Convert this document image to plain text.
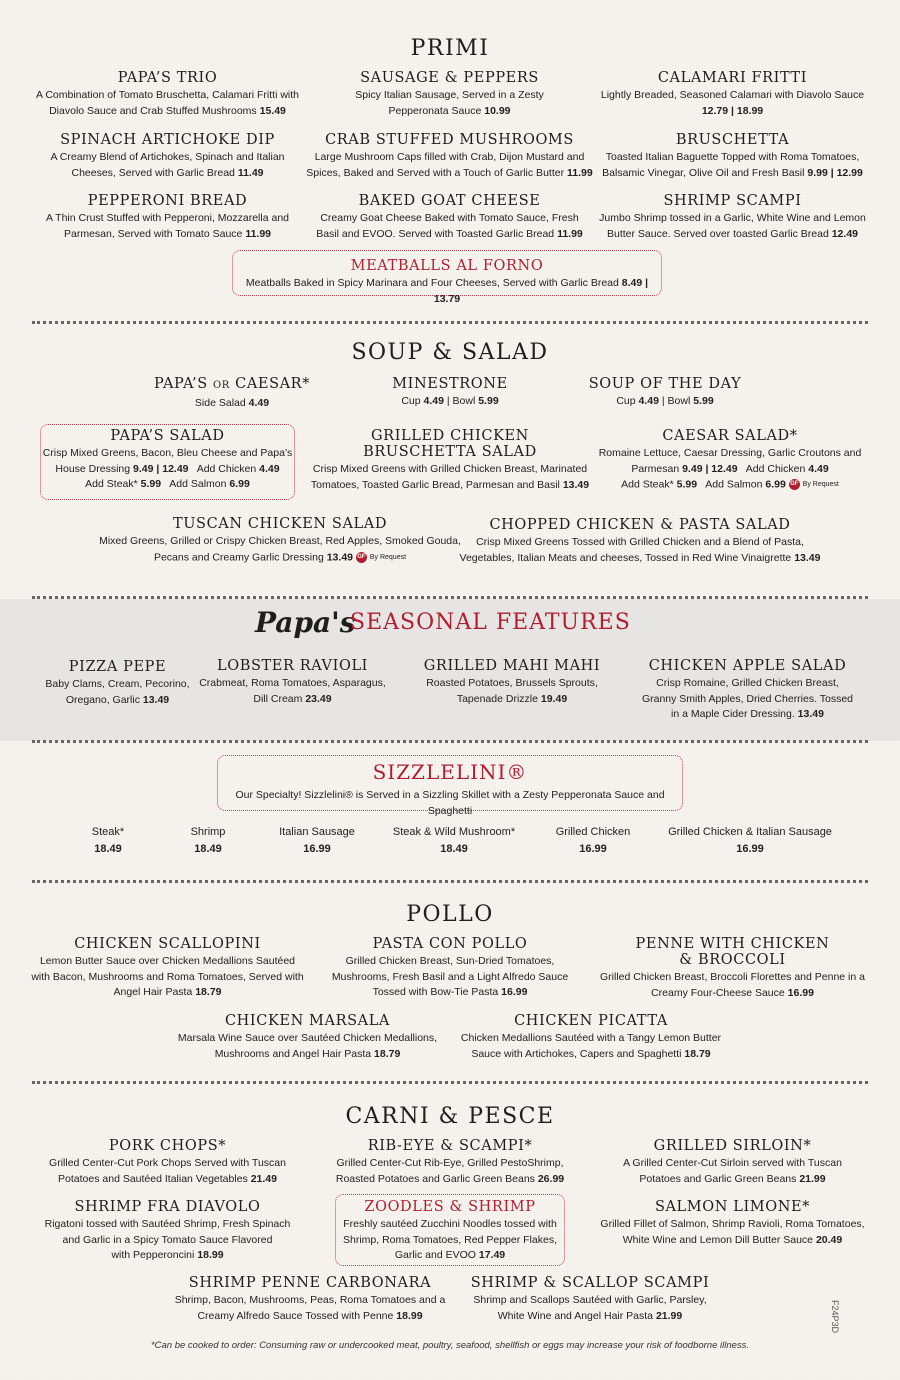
PRIMI
PAPA’S TRIO
A Combination of Tomato Bruschetta, Calamari Fritti with
Diavolo Sauce and Crab Stuffed Mushrooms 15.49
SAUSAGE & PEPPERS
Spicy Italian Sausage, Served in a Zesty
Pepperonata Sauce 10.99
CALAMARI FRITTI
Lightly Breaded, Seasoned Calamari with Diavolo Sauce
12.79 | 18.99
SPINACH ARTICHOKE DIP
A Creamy Blend of Artichokes, Spinach and Italian
Cheeses, Served with Garlic Bread 11.49
CRAB STUFFED MUSHROOMS
Large Mushroom Caps filled with Crab, Dijon Mustard and
Spices, Baked and Served with a Touch of Garlic Butter 11.99
BRUSCHETTA
Toasted Italian Baguette Topped with Roma Tomatoes,
Balsamic Vinegar, Olive Oil and Fresh Basil 9.99 | 12.99
PEPPERONI BREAD
A Thin Crust Stuffed with Pepperoni, Mozzarella and
Parmesan, Served with Tomato Sauce 11.99
BAKED GOAT CHEESE
Creamy Goat Cheese Baked with Tomato Sauce, Fresh
Basil and EVOO. Served with Toasted Garlic Bread 11.99
SHRIMP SCAMPI
Jumbo Shrimp tossed in a Garlic, White Wine and Lemon
Butter Sauce. Served over toasted Garlic Bread 12.49
MEATBALLS AL FORNO
Meatballs Baked in Spicy Marinara and Four Cheeses, Served with Garlic Bread 8.49 | 13.79
SOUP & SALAD
PAPA’S OR CAESAR*
Side Salad 4.49
MINESTRONE
Cup 4.49 | Bowl 5.99
SOUP OF THE DAY
Cup 4.49 | Bowl 5.99
PAPA’S SALAD
Crisp Mixed Greens, Bacon, Bleu Cheese and Papa’s
House Dressing 9.49 | 12.49 Add Chicken 4.49
Add Steak* 5.99 Add Salmon 6.99
GRILLED CHICKEN
BRUSCHETTA SALAD
Crisp Mixed Greens with Grilled Chicken Breast, Marinated
Tomatoes, Toasted Garlic Bread, Parmesan and Basil 13.49
CAESAR SALAD*
Romaine Lettuce, Caesar Dressing, Garlic Croutons and
Parmesan 9.49 | 12.49 Add Chicken 4.49
Add Steak* 5.99 Add Salmon 6.99 GF By Request
TUSCAN CHICKEN SALAD
Mixed Greens, Grilled or Crispy Chicken Breast, Red Apples, Smoked Gouda,
Pecans and Creamy Garlic Dressing 13.49 GF By Request
CHOPPED CHICKEN & PASTA SALAD
Crisp Mixed Greens Tossed with Grilled Chicken and a Blend of Pasta,
Vegetables, Italian Meats and cheeses, Tossed in Red Wine Vinaigrette 13.49
Papa's
SEASONAL FEATURES
PIZZA PEPE
Baby Clams, Cream, Pecorino,
Oregano, Garlic 13.49
LOBSTER RAVIOLI
Crabmeat, Roma Tomatoes, Asparagus,
Dill Cream 23.49
GRILLED MAHI MAHI
Roasted Potatoes, Brussels Sprouts,
Tapenade Drizzle 19.49
CHICKEN APPLE SALAD
Crisp Romaine, Grilled Chicken Breast,
Granny Smith Apples, Dried Cherries. Tossed
in a Maple Cider Dressing. 13.49
SIZZLELINI®
Our Specialty! Sizzlelini® is Served in a Sizzling Skillet with a Zesty Pepperonata Sauce and Spaghetti
Steak*
18.49
Shrimp
18.49
Italian Sausage
16.99
Steak & Wild Mushroom*
18.49
Grilled Chicken
16.99
Grilled Chicken & Italian Sausage
16.99
POLLO
CHICKEN SCALLOPINI
Lemon Butter Sauce over Chicken Medallions Sautéed
with Bacon, Mushrooms and Roma Tomatoes, Served with
Angel Hair Pasta 18.79
PASTA CON POLLO
Grilled Chicken Breast, Sun-Dried Tomatoes,
Mushrooms, Fresh Basil and a Light Alfredo Sauce
Tossed with Bow-Tie Pasta 16.99
PENNE WITH CHICKEN
& BROCCOLI
Grilled Chicken Breast, Broccoli Florettes and Penne in a
Creamy Four-Cheese Sauce 16.99
CHICKEN MARSALA
Marsala Wine Sauce over Sautéed Chicken Medallions,
Mushrooms and Angel Hair Pasta 18.79
CHICKEN PICATTA
Chicken Medallions Sautéed with a Tangy Lemon Butter
Sauce with Artichokes, Capers and Spaghetti 18.79
CARNI & PESCE
PORK CHOPS*
Grilled Center-Cut Pork Chops Served with Tuscan
Potatoes and Sautéed Italian Vegetables 21.49
RIB-EYE & SCAMPI*
Grilled Center-Cut Rib-Eye, Grilled PestoShrimp,
Roasted Potatoes and Garlic Green Beans 26.99
GRILLED SIRLOIN*
A Grilled Center-Cut Sirloin served with Tuscan
Potatoes and Garlic Green Beans 21.99
SHRIMP FRA DIAVOLO
Rigatoni tossed with Sautéed Shrimp, Fresh Spinach
and Garlic in a Spicy Tomato Sauce Flavored
with Pepperoncini 18.99
ZOODLES & SHRIMP
Freshly sautéed Zucchini Noodles tossed with
Shrimp, Roma Tomatoes, Red Pepper Flakes,
Garlic and EVOO 17.49
SALMON LIMONE*
Grilled Fillet of Salmon, Shrimp Ravioli, Roma Tomatoes,
White Wine and Lemon Dill Butter Sauce 20.49
SHRIMP PENNE CARBONARA
Shrimp, Bacon, Mushrooms, Peas, Roma Tomatoes and a
Creamy Alfredo Sauce Tossed with Penne 18.99
SHRIMP & SCALLOP SCAMPI
Shrimp and Scallops Sautéed with Garlic, Parsley,
White Wine and Angel Hair Pasta 21.99	F24P3D
*Can be cooked to order: Consuming raw or undercooked meat, poultry, seafood, shellfish or eggs may increase your risk of foodborne illness.
